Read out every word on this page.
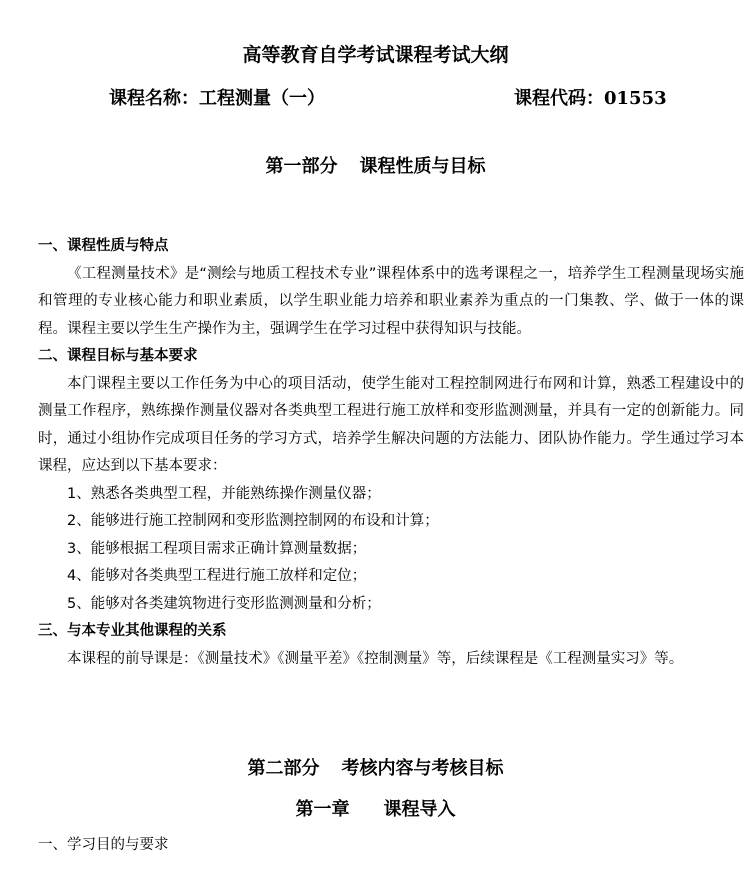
高等教育自学考试课程考试大纲
课程名称：工程测量（一）	课程代码：01553
第一部分 课程性质与目标
一、课程性质与特点
《工程测量技术》是“测绘与地质工程技术专业”课程体系中的选考课程之一，培养学生工程测量现场实施和管理的专业核心能力和职业素质，以学生职业能力培养和职业素养为重点的一门集教、学、做于一体的课程。课程主要以学生生产操作为主，强调学生在学习过程中获得知识与技能。
二、课程目标与基本要求
本门课程主要以工作任务为中心的项目活动，使学生能对工程控制网进行布网和计算，熟悉工程建设中的测量工作程序，熟练操作测量仪器对各类典型工程进行施工放样和变形监测测量，并具有一定的创新能力。同时，通过小组协作完成项目任务的学习方式，培养学生解决问题的方法能力、团队协作能力。学生通过学习本课程，应达到以下基本要求：
1、熟悉各类典型工程，并能熟练操作测量仪器；
2、能够进行施工控制网和变形监测控制网的布设和计算；
3、能够根据工程项目需求正确计算测量数据；
4、能够对各类典型工程进行施工放样和定位；
5、能够对各类建筑物进行变形监测测量和分析；
三、与本专业其他课程的关系
本课程的前导课是：《测量技术》《测量平差》《控制测量》等，后续课程是《工程测量实习》等。
第二部分 考核内容与考核目标
第一章 课程导入
一、学习目的与要求
